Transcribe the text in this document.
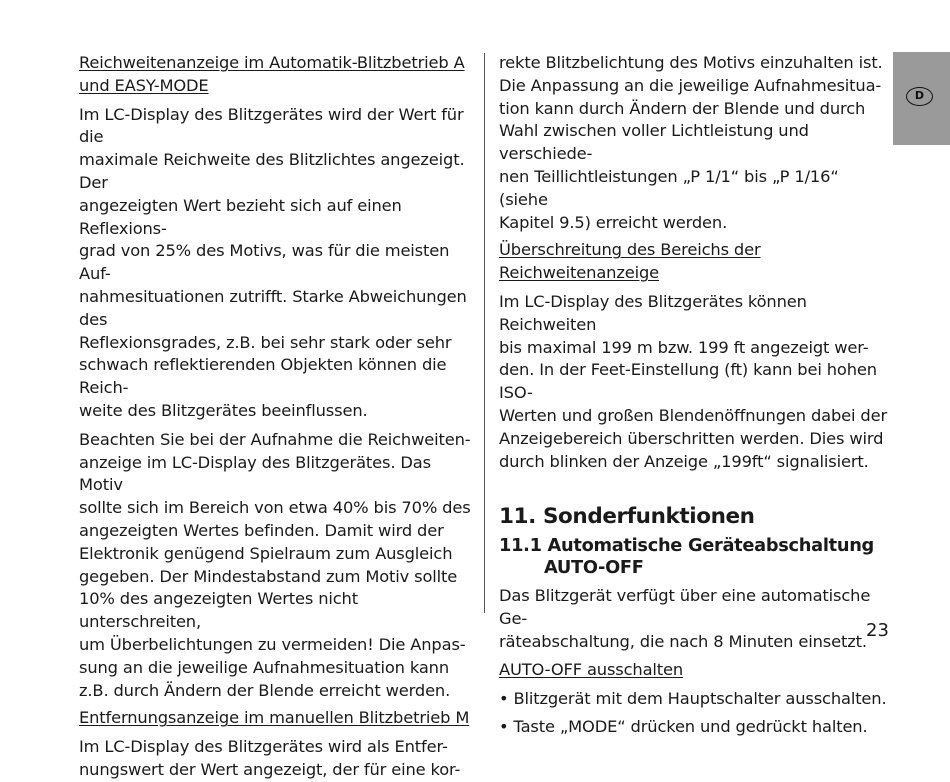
Reichweitenanzeige im Automatik-Blitzbetrieb A
und EASY-MODE

Im LC-Display des Blitzgerätes wird der Wert für die
maximale Reichweite des Blitzlichtes angezeigt. Der
angezeigten Wert bezieht sich auf einen Reflexions-
grad von 25% des Motivs, was für die meisten Auf-
nahmesituationen zutrifft. Starke Abweichungen des
Reflexionsgrades, z.B. bei sehr stark oder sehr
schwach reflektierenden Objekten können die Reich-
weite des Blitzgerätes beeinflussen.

Beachten Sie bei der Aufnahme die Reichweiten-
anzeige im LC-Display des Blitzgerätes. Das Motiv
sollte sich im Bereich von etwa 40% bis 70% des
angezeigten Wertes befinden. Damit wird der
Elektronik genügend Spielraum zum Ausgleich
gegeben. Der Mindestabstand zum Motiv sollte
10% des angezeigten Wertes nicht unterschreiten,
um Überbelichtungen zu vermeiden! Die Anpas-
sung an die jeweilige Aufnahmesituation kann
z.B. durch Ändern der Blende erreicht werden.

Entfernungsanzeige im manuellen Blitzbetrieb M

Im LC-Display des Blitzgerätes wird als Entfer-
nungswert der Wert angezeigt, der für eine kor-

rekte Blitzbelichtung des Motivs einzuhalten ist.
Die Anpassung an die jeweilige Aufnahmesitua-
tion kann durch Ändern der Blende und durch
Wahl zwischen voller Lichtleistung und verschiede-
nen Teillichtleistungen „P 1/1“ bis „P 1/16“ (siehe
Kapitel 9.5) erreicht werden.

Überschreitung des Bereichs der Reichweitenanzeige

Im LC-Display des Blitzgerätes können Reichweiten
bis maximal 199 m bzw. 199 ft angezeigt wer-
den. In der Feet-Einstellung (ft) kann bei hohen ISO-
Werten und großen Blendenöffnungen dabei der
Anzeigebereich überschritten werden. Dies wird
durch blinken der Anzeige „199ft“ signalisiert.

11. Sonderfunktionen
11.1 Automatische Geräteabschaltung
AUTO-OFF

Das Blitzgerät verfügt über eine automatische Ge-
räteabschaltung, die nach 8 Minuten einsetzt.

AUTO-OFF ausschalten

• Blitzgerät mit dem Hauptschalter ausschalten.

• Taste „MODE“ drücken und gedrückt halten.

D
23
